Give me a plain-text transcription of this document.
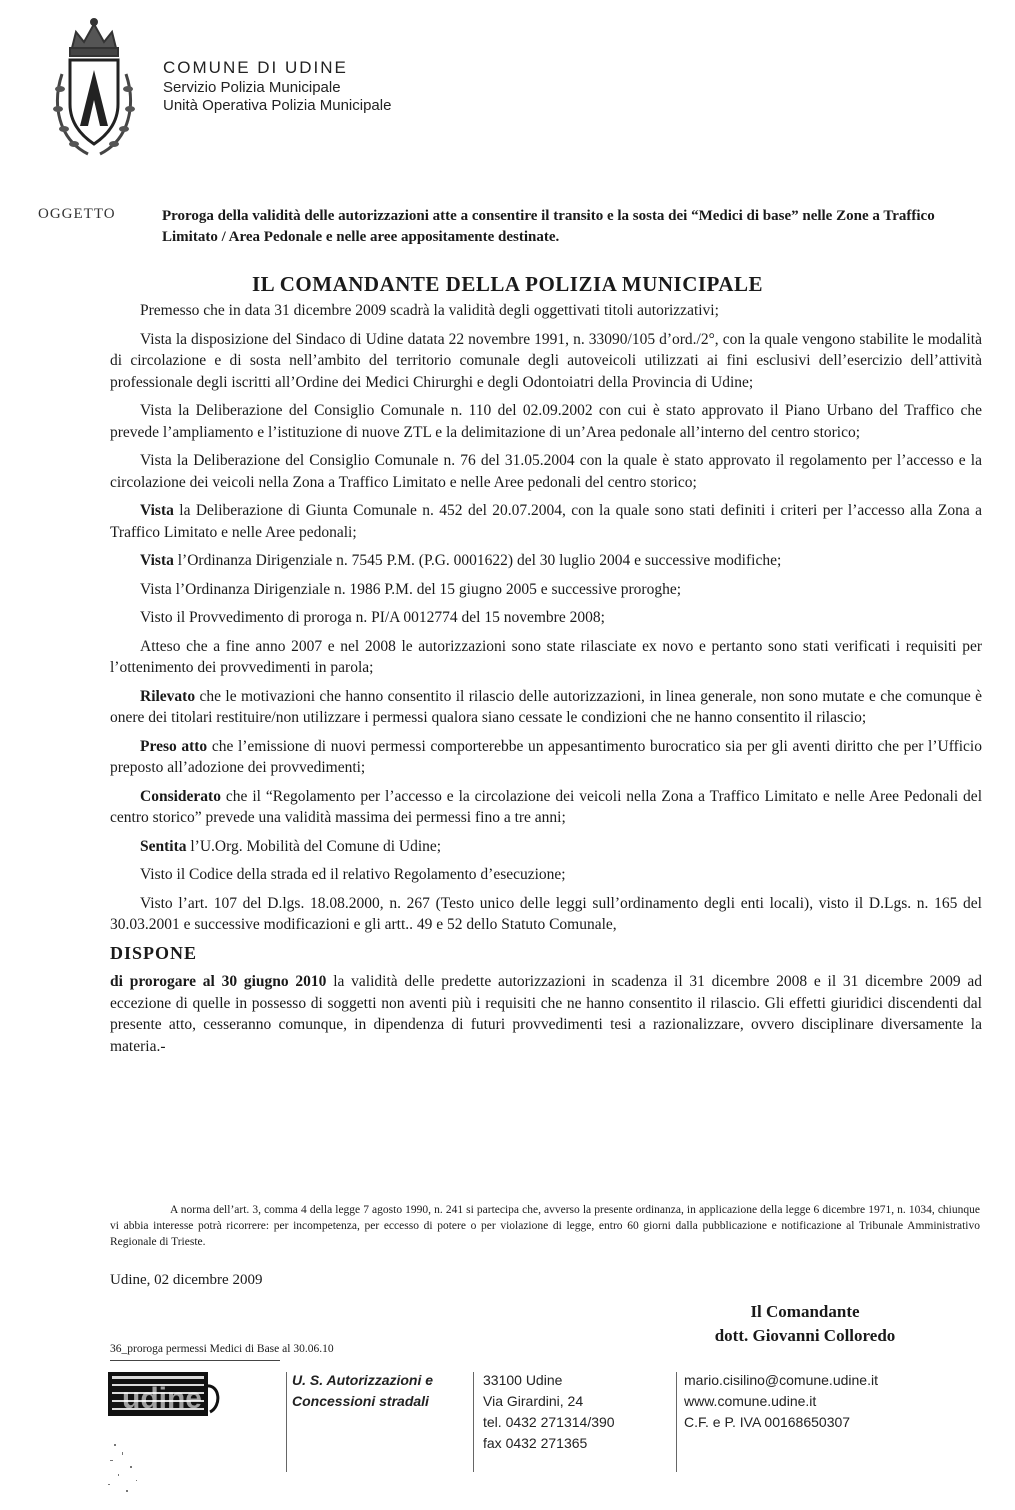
COMUNE DI UDINE
Servizio Polizia Municipale
Unità Operativa Polizia Municipale
OGGETTO	Proroga della validità delle autorizzazioni atte a consentire il transito e la sosta dei “Medici di base” nelle Zone a Traffico Limitato / Area Pedonale e nelle aree appositamente destinate.
IL COMANDANTE DELLA POLIZIA MUNICIPALE

Premesso che in data 31 dicembre 2009 scadrà la validità degli oggettivati titoli autorizzativi;

Vista la disposizione del Sindaco di Udine datata 22 novembre 1991, n. 33090/105 d’ord./2°, con la quale vengono stabilite le modalità di circolazione e di sosta nell’ambito del territorio comunale degli autoveicoli utilizzati ai fini esclusivi dell’esercizio dell’attività professionale degli iscritti all’Ordine dei Medici Chirurghi e degli Odontoiatri della Provincia di Udine;

Vista la Deliberazione del Consiglio Comunale n. 110 del 02.09.2002 con cui è stato approvato il Piano Urbano del Traffico che prevede l’ampliamento e l’istituzione di nuove ZTL e la delimitazione di un’Area pedonale all’interno del centro storico;

Vista la Deliberazione del Consiglio Comunale n. 76 del 31.05.2004 con la quale è stato approvato il regolamento per l’accesso e la circolazione dei veicoli nella Zona a Traffico Limitato e nelle Aree pedonali del centro storico;

Vista la Deliberazione di Giunta Comunale n. 452 del 20.07.2004, con la quale sono stati definiti i criteri per l’accesso alla Zona a Traffico Limitato e nelle Aree pedonali;

Vista l’Ordinanza Dirigenziale n. 7545 P.M. (P.G. 0001622) del 30 luglio 2004 e successive modifiche;

Vista l’Ordinanza Dirigenziale n. 1986 P.M. del 15 giugno 2005 e successive proroghe;

Visto il Provvedimento di proroga n. PI/A 0012774 del 15 novembre 2008;

Atteso che a fine anno 2007 e nel 2008 le autorizzazioni sono state rilasciate ex novo e pertanto sono stati verificati i requisiti per l’ottenimento dei provvedimenti in parola;

Rilevato che le motivazioni che hanno consentito il rilascio delle autorizzazioni, in linea generale, non sono mutate e che comunque è onere dei titolari restituire/non utilizzare i permessi qualora siano cessate le condizioni che ne hanno consentito il rilascio;

Preso atto che l’emissione di nuovi permessi comporterebbe un appesantimento burocratico sia per gli aventi diritto che per l’Ufficio preposto all’adozione dei provvedimenti;

Considerato che il “Regolamento per l’accesso e la circolazione dei veicoli nella Zona a Traffico Limitato e nelle Aree Pedonali del centro storico” prevede una validità massima dei permessi fino a tre anni;

Sentita l’U.Org. Mobilità del Comune di Udine;

Visto il Codice della strada ed il relativo Regolamento d’esecuzione;

Visto l’art. 107 del D.lgs. 18.08.2000, n. 267 (Testo unico delle leggi sull’ordinamento degli enti locali), visto il D.Lgs. n. 165 del 30.03.2001 e successive modificazioni e gli artt.. 49 e 52 dello Statuto Comunale,

DISPONE

di prorogare al 30 giugno 2010 la validità delle predette autorizzazioni in scadenza il 31 dicembre 2008 e il 31 dicembre 2009 ad eccezione di quelle in possesso di soggetti non aventi più i requisiti che ne hanno consentito il rilascio. Gli effetti giuridici discendenti dal presente atto, cesseranno comunque, in dipendenza di futuri provvedimenti tesi a razionalizzare, ovvero disciplinare diversamente la materia.-

A norma dell’art. 3, comma 4 della legge 7 agosto 1990, n. 241 si partecipa che, avverso la presente ordinanza, in applicazione della legge 6 dicembre 1971, n. 1034, chiunque vi abbia interesse potrà ricorrere: per incompetenza, per eccesso di potere o per violazione di legge, entro 60 giorni dalla pubblicazione e notificazione al Tribunale Amministrativo Regionale di Trieste.
Udine, 02 dicembre 2009
Il Comandante
dott. Giovanni Colloredo
36_proroga permessi Medici di Base al 30.06.10
udine
U. S. Autorizzazioni e
Concessioni stradali
33100 Udine
Via Girardini, 24
tel. 0432 271314/390
fax 0432 271365
mario.cisilino@comune.udine.it
www.comune.udine.it
C.F. e P. IVA 00168650307
